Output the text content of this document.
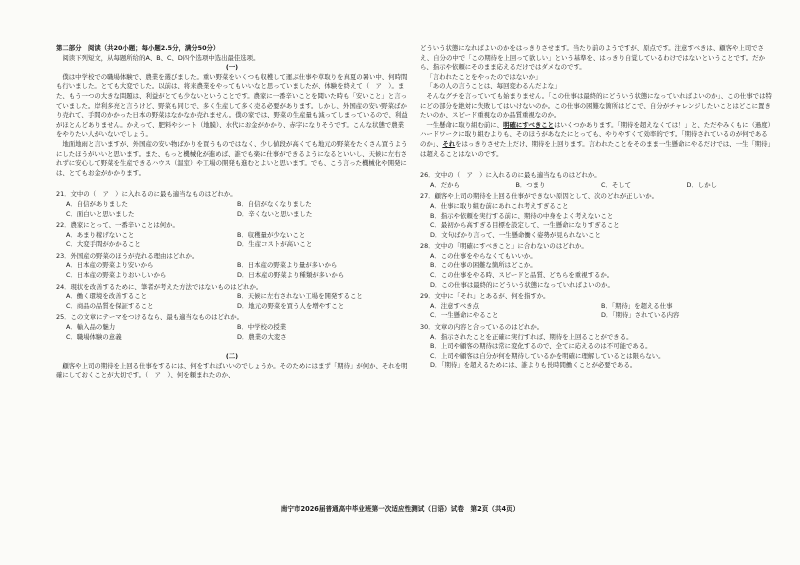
第二部分　阅读（共20小题；每小题2.5分，满分50分）

阅读下列短文，从每题所给的A、B、C、D四个选项中选出最佳选项。

(一)

僕は中学校での職場体験で、農業を選びました。重い野菜をいくつも収穫して運ぶ仕事や草取りを真夏の暑い中、何時間も行いました。とても大変でした。以前は、将来農業をやってもいいなと思っていましたが、体験を終えて（　ア　）。また、もう一つの大きな問題は、利益がとても少ないということです。農家に一番辛いことを聞いた時も「安いこと」と言っていました。岸利多亮と言うけど、野菜も同じで、多く生産して多く売る必要があります。しかし、外国産の安い野菜ばかり売れて、手間のかかった日本の野菜はなかなか売れません。僕の家では、野菜の生産量も減ってしまっているので、利益がほとんどありません。かえって、肥料やシート（地膜）、水代にお金がかかり、赤字になりそうです。こんな状態で農業をやりたい人がいないでしょう。

地面地雨と言いますが、外国産の安い物ばかりを買うものではなく、少し値段が高くても地元の野菜をたくさん買うようにしたほうがいいと思います。また、もっと機械化が進めば、誰でも楽に仕事ができるようになるといいし、天候に左右されずに安心して野菜を生産できるハウス（温室）や工場の開発も進むとよいと思います。でも、こう言った機械化や開発には、とてもお金がかかります。

21．文中の（　ア　）に入れるのに最も適当なものはどれか。
A．自信がありました	B．自信がなくなりました
C．面白いと思いました	D．辛くないと思いました
22．農家にとって、一番辛いことは何か。
A．あまり稼げないこと	B．収穫量が少ないこと
C．大変手間がかかること	D．生産コストが高いこと
23．外国産の野菜のほうが売れる理由はどれか。
A．日本産の野菜より安いから	B．日本産の野菜より量が多いから
C．日本産の野菜よりおいしいから	D．日本産の野菜より種類が多いから
24．現状を改善するために、筆者が考えた方法ではないものはどれか。
A．働く環境を改善すること	B．天候に左右されない工場を開発すること
C．商品の品質を保証すること	D．地元の野菜を買う人を増やすこと
25．この文章にテーマをつけるなら、最も適当なものはどれか。
A．輸入品の魅力	B．中学校の授業
C．職場体験の意義	D．農業の大変さ

(二)

顧客や上司の期待を上回る仕事をするには、何をすればいいのでしょうか。そのためにはまず「期待」が何か、それを明確にしておくことが大切です。（　ア　）、何を頼まれたのか、

どういう状態になればよいのかをはっきりさせます。当たり前のようですが、原点です。注意すべきは、顧客や上司でさえ、自分の中で「この期待を上回って欲しい」という基準を、はっきり自覚しているわけではないということです。だから、指示や依頼にそのまま応えるだけではダメなのです。

「言われたことをやったのではないか」

「あの人の言うことは、毎回変わるんだよな」

そんなグチを言っていても始まりません。「この仕事は最終的にどういう状態になっていればよいのか」、この仕事では特にどの部分を絶対に失敗してはいけないのか。この仕事の困難な箇所はどこで、自分がチャレンジしたいことはどこに置きたいのか、スピード重視なのか品質重視なのか。

一生懸命に取り組む前に、明確にすべきことはいくつかあります。「期待を超えなくては！」と、ただやみくもに（過度）ハードワークに取り組むよりも、そのほうがあなたにとっても、やりやすくて効率的です。「期待されているのが何であるのか」、それをはっきりさせた上だけ、期待を上回ります。言われたことをそのまま一生懸命にやるだけでは、一生「期待」は超えることはないのです。

26．文中の（　ア　）に入れるのに最も適当なものはどれか。
A．だから	B．つまり	C．そして	D．しかし
27．顧客や上司の期待を上回る仕事ができない原因として、次のどれが正しいか。
A．仕事に取り組む前にあれこれ考えすぎること
B．指示や依頼を実行する前に、期待の中身をよく考えないこと
C．最初から高すぎる目標を設定して、一生懸命になりすぎること
D．文句ばかり言って、一生懸命働く姿勢が見られないこと
28．文中の「明確にすべきこと」に合わないのはどれか。
A．この仕事をやらなくてもいいか。
B．この仕事の困難な箇所はどこか。
C．この仕事をやる時、スピードと品質、どちらを重視するか。
D．この仕事は最終的にどういう状態になっていればよいのか。
29．文中に「それ」とあるが、何を指すか。
A．注意すべき点	B．「期待」を超える仕事
C．一生懸命にやること	D．「期待」されている内容
30．文章の内容と合っているのはどれか。
A．指示されたことを正確に実行すれば、期待を上回ることができる。
B．上司や顧客の期待は常に変化するので、全てに応えるのは不可能である。
C．上司や顧客は自分が何を期待しているかを明確に理解しているとは限らない。
D．「期待」を超えるためには、誰よりも長時間働くことが必要である。
南宁市2026届普通高中毕业班第一次适应性测试（日语）试卷　第2页（共4页）
